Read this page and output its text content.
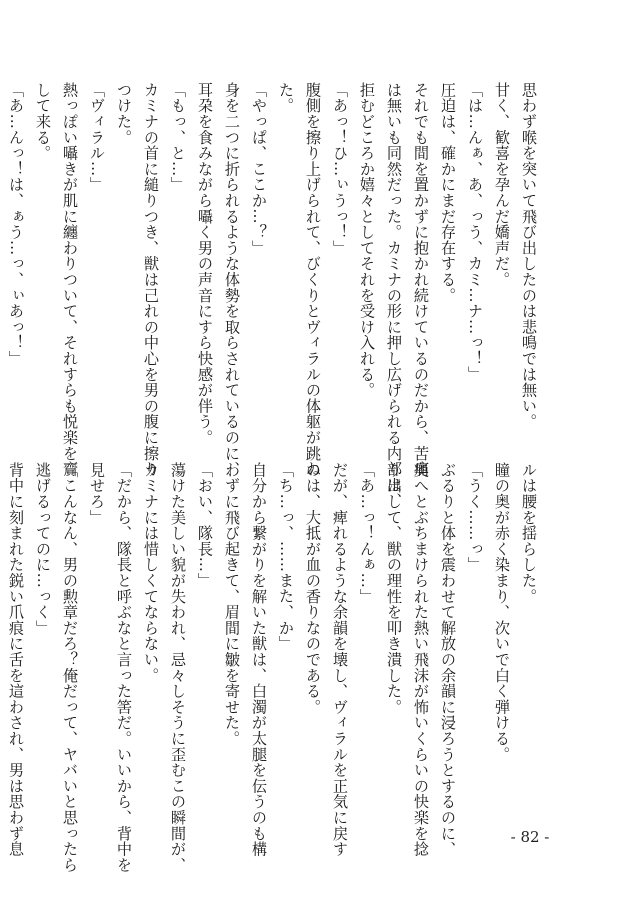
思わず喉を突いて飛び出したのは悲鳴では無い。
甘く、歓喜を孕んだ嬌声だ。
「は…んぁ、あ、っう、カミ…ナ…っ！」
圧迫は、確かにまだ存在する。
それでも間を置かずに抱かれ続けているのだから、苦痛
は無いも同然だった。カミナの形に押し広げられる内部は、
拒むどころか嬉々としてそれを受け入れる。
「あっ！ひ…ぃうっ！」
腹側を擦り上げられて、びくりとヴィラルの体躯が跳ね
た。
「やっぱ、ここか…？」
身を二つに折られるような体勢を取らされているのに、
耳朶を食みながら囁く男の声音にすら快感が伴う。
「もっ、と…」
カミナの首に縋りつき、獣は己れの中心を男の腹に擦り
つけた。
「ヴィラル…」
熱っぽい囁きが肌に纏わりついて、それすらも悦楽を齎
して来る。
「あ…んっ！は、ぁう…っ、ぃあっ！」
ルは腰を揺らした。
瞳の奥が赤く染まり、次いで白く弾ける。
「うく……っ」
ぶるりと体を震わせて解放の余韻に浸ろうとするのに、
奥へとぶちまけられた熱い飛沫が怖いくらいの快楽を捻
り出して、獣の理性を叩き潰した。
「あ…っ！んぁ…」
だが、痺れるような余韻を壊し、ヴィラルを正気に戻す
のは、大抵が血の香りなのである。
「ち…っ、……また、か」
自分から繋がりを解いた獣は、白濁が太腿を伝うのも構
わずに飛び起きて、眉間に皺を寄せた。
「おい、隊長…」
蕩けた美しい貌が失われ、忌々しそうに歪むこの瞬間が、
カミナには惜しくてならない。
「だから、隊長と呼ぶなと言った筈だ。いいから、背中を
見せろ」
「こんなん、男の勲章だろ？俺だって、ヤバいと思ったら
逃げるってのに…っく」
背中に刻まれた鋭い爪痕に舌を這わされ、男は思わず息	- 82 -
